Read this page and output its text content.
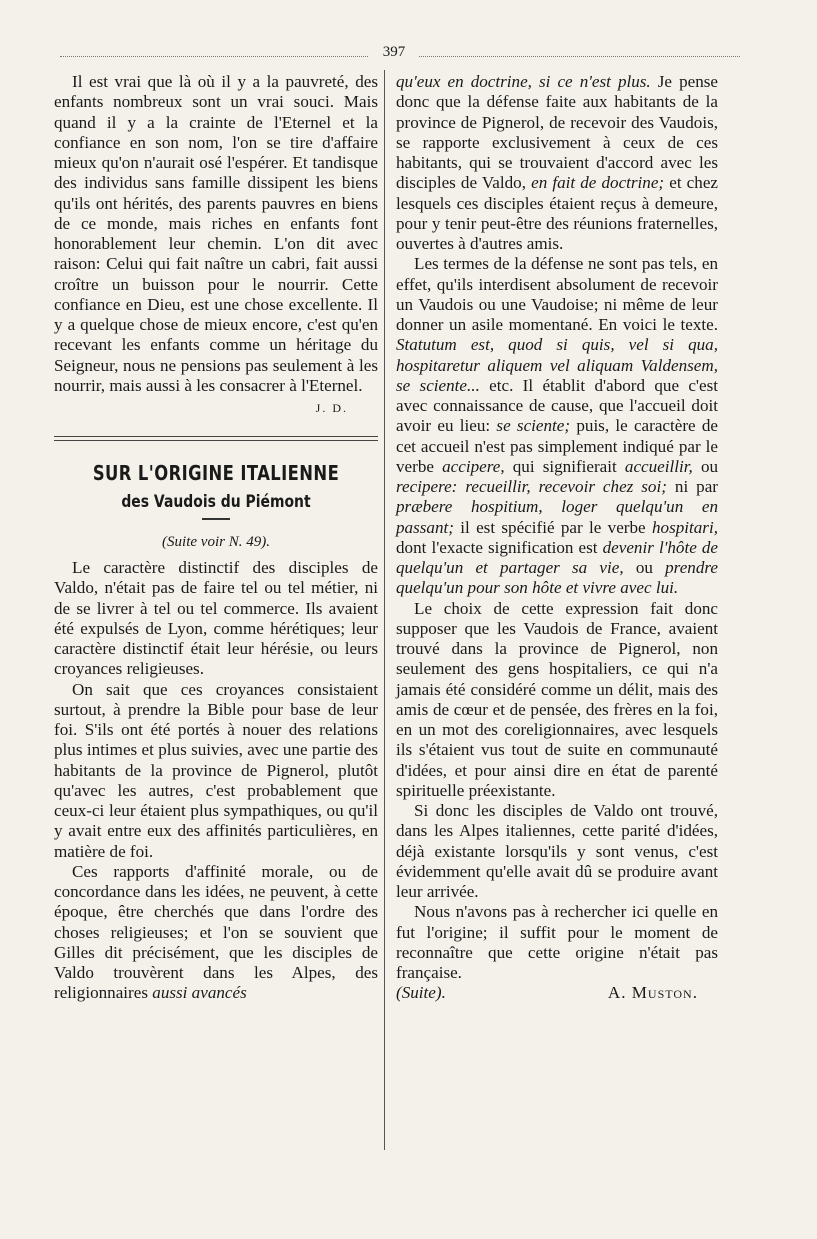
397

Il est vrai que là où il y a la pauvreté, des enfants nombreux sont un vrai souci. Mais quand il y a la crainte de l'Eternel et la confiance en son nom, l'on se tire d'affaire mieux qu'on n'aurait osé l'espérer. Et tandisque des individus sans famille dissipent les biens qu'ils ont hérités, des parents pauvres en biens de ce monde, mais riches en enfants font honorablement leur chemin. L'on dit avec raison: Celui qui fait naître un cabri, fait aussi croître un buisson pour le nourrir. Cette confiance en Dieu, est une chose excellente. Il y a quelque chose de mieux encore, c'est qu'en recevant les enfants comme un héritage du Seigneur, nous ne pensions pas seulement à les nourrir, mais aussi à les consacrer à l'Eternel.

J. D.
SUR L'ORIGINE ITALIENNE
des Vaudois du Piémont
(Suite voir N. 49).

Le caractère distinctif des disciples de Valdo, n'était pas de faire tel ou tel métier, ni de se livrer à tel ou tel commerce. Ils avaient été expulsés de Lyon, comme hérétiques; leur caractère distinctif était leur hérésie, ou leurs croyances religieuses.

On sait que ces croyances consistaient surtout, à prendre la Bible pour base de leur foi. S'ils ont été portés à nouer des relations plus intimes et plus suivies, avec une partie des habitants de la province de Pignerol, plutôt qu'avec les autres, c'est probablement que ceux-ci leur étaient plus sympathiques, ou qu'il y avait entre eux des affinités particulières, en matière de foi.

Ces rapports d'affinité morale, ou de concordance dans les idées, ne peuvent, à cette époque, être cherchés que dans l'ordre des choses religieuses; et l'on se souvient que Gilles dit précisément, que les disciples de Valdo trouvèrent dans les Alpes, des religionnaires aussi avancés

qu'eux en doctrine, si ce n'est plus. Je pense donc que la défense faite aux habitants de la province de Pignerol, de recevoir des Vaudois, se rapporte exclusivement à ceux de ces habitants, qui se trouvaient d'accord avec les disciples de Valdo, en fait de doctrine; et chez lesquels ces disciples étaient reçus à demeure, pour y tenir peut-être des réunions fraternelles, ouvertes à d'autres amis.

Les termes de la défense ne sont pas tels, en effet, qu'ils interdisent absolument de recevoir un Vaudois ou une Vaudoise; ni même de leur donner un asile momentané. En voici le texte. Statutum est, quod si quis, vel si qua, hospitaretur aliquem vel aliquam Valdensem, se sciente... etc. Il établit d'abord que c'est avec connaissance de cause, que l'accueil doit avoir eu lieu: se sciente; puis, le caractère de cet accueil n'est pas simplement indiqué par le verbe accipere, qui signifierait accueillir, ou recipere: recueillir, recevoir chez soi; ni par præbere hospitium, loger quelqu'un en passant; il est spécifié par le verbe hospitari, dont l'exacte signification est devenir l'hôte de quelqu'un et partager sa vie, ou prendre quelqu'un pour son hôte et vivre avec lui.

Le choix de cette expression fait donc supposer que les Vaudois de France, avaient trouvé dans la province de Pignerol, non seulement des gens hospitaliers, ce qui n'a jamais été considéré comme un délit, mais des amis de cœur et de pensée, des frères en la foi, en un mot des coreligionnaires, avec lesquels ils s'étaient vus tout de suite en communauté d'idées, et pour ainsi dire en état de parenté spirituelle préexistante.

Si donc les disciples de Valdo ont trouvé, dans les Alpes italiennes, cette parité d'idées, déjà existante lorsqu'ils y sont venus, c'est évidemment qu'elle avait dû se produire avant leur arrivée.

Nous n'avons pas à rechercher ici quelle en fut l'origine; il suffit pour le moment de reconnaître que cette origine n'était pas française.

(Suite).	A. Muston.
